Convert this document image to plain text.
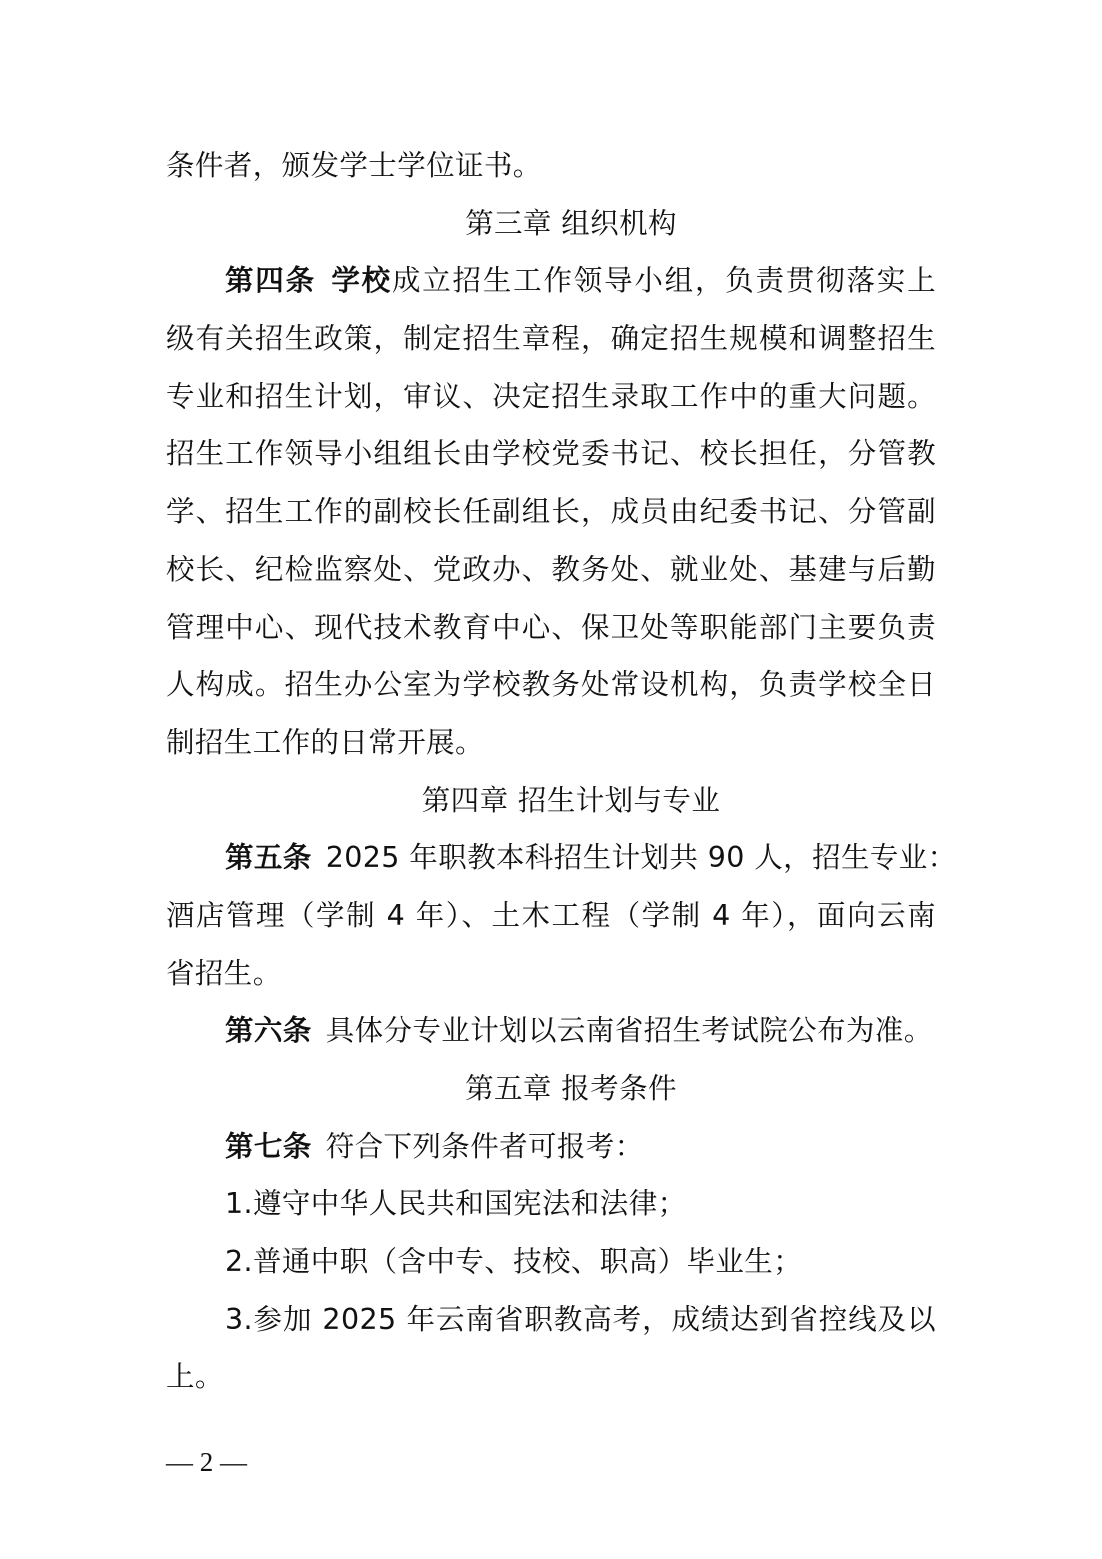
条件者，颁发学士学位证书。
第三章 组织机构
第四条 学校成立招生工作领导小组，负责贯彻落实上
级有关招生政策，制定招生章程，确定招生规模和调整招生
专业和招生计划，审议、决定招生录取工作中的重大问题。
招生工作领导小组组长由学校党委书记、校长担任，分管教
学、招生工作的副校长任副组长，成员由纪委书记、分管副
校长、纪检监察处、党政办、教务处、就业处、基建与后勤
管理中心、现代技术教育中心、保卫处等职能部门主要负责
人构成。招生办公室为学校教务处常设机构，负责学校全日
制招生工作的日常开展。
第四章 招生计划与专业
第五条 2025 年职教本科招生计划共 90 人，招生专业：
酒店管理（学制 4 年）、土木工程（学制 4 年），面向云南
省招生。
第六条 具体分专业计划以云南省招生考试院公布为准。
第五章 报考条件
第七条 符合下列条件者可报考：
1.遵守中华人民共和国宪法和法律；
2.普通中职（含中专、技校、职高）毕业生；
3.参加 2025 年云南省职教高考，成绩达到省控线及以
上。
— 2 —
